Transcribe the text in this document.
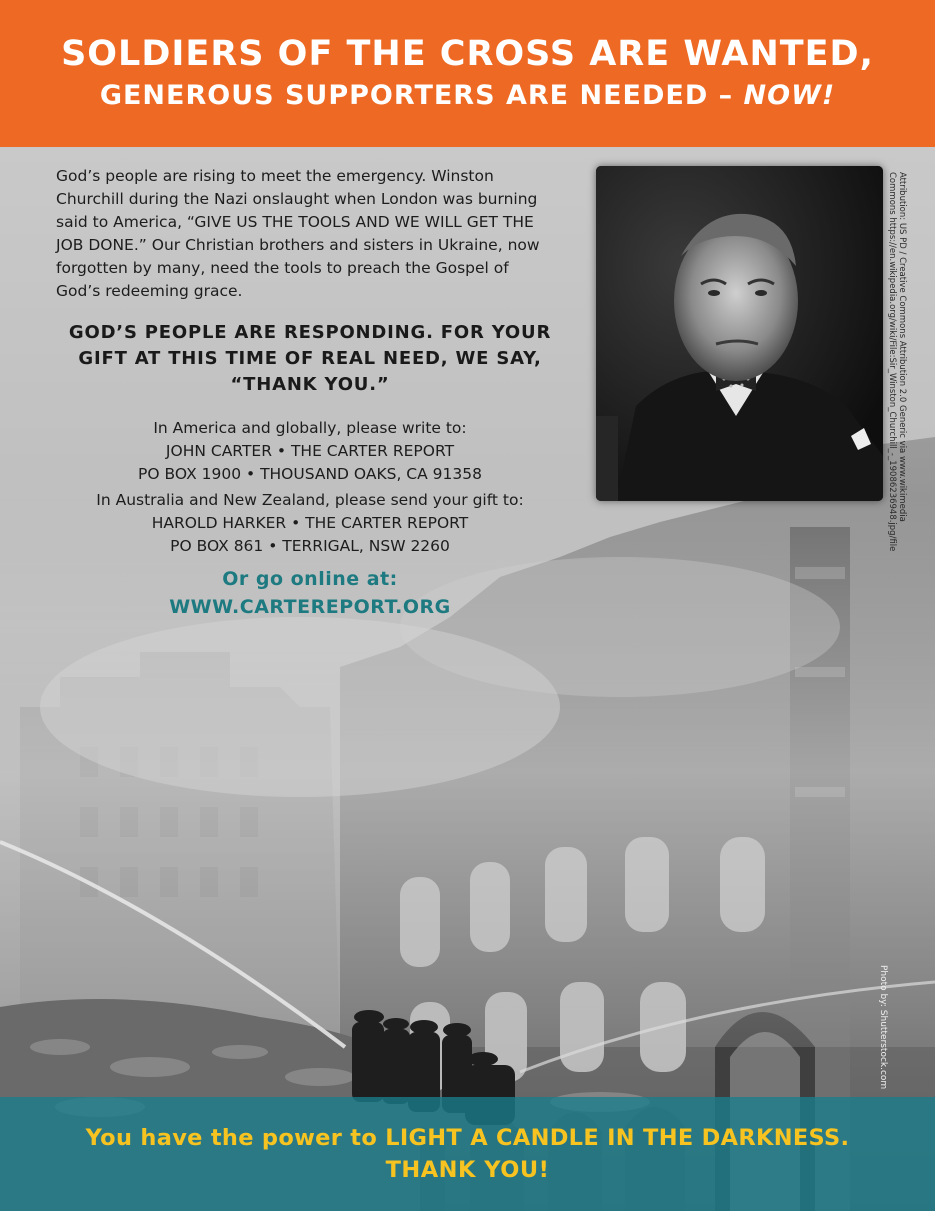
SOLDIERS OF THE CROSS ARE WANTED,
GENEROUS SUPPORTERS ARE NEEDED – NOW!
God’s people are rising to meet the emergency. Winston Churchill during the Nazi onslaught when London was burning said to America, “GIVE US THE TOOLS AND WE WILL GET THE JOB DONE.” Our Christian brothers and sisters in Ukraine, now forgotten by many, need the tools to preach the Gospel of God’s redeeming grace.
GOD’S PEOPLE ARE RESPONDING. FOR YOUR
GIFT AT THIS TIME OF REAL NEED, WE SAY,
“THANK YOU.”
In America and globally, please write to:
JOHN CARTER • THE CARTER REPORT
PO BOX 1900 • THOUSAND OAKS, CA 91358
In Australia and New Zealand, please send your gift to:
HAROLD HARKER • THE CARTER REPORT
PO BOX 861 • TERRIGAL, NSW 2260
Or go online at:
WWW.CARTEREPORT.ORG
Attribution: US PD / Creative Commons Attribution 2.0 Generic via www.wikimedia
Commons https://en.wikipedia.org/wiki/File:Sir_Winston_Churchill_-_19086236948.jpg/file
Photo by: Shutterstock.com
You have the power to LIGHT A CANDLE IN THE DARKNESS.
THANK YOU!
